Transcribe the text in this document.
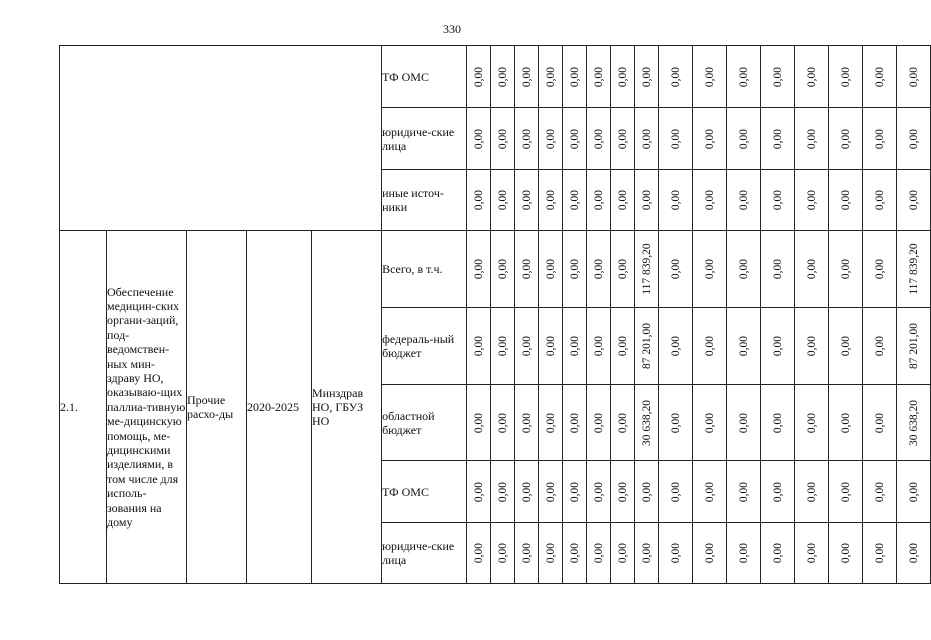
330
					ТФ ОМС	0,00	0,00	0,00	0,00	0,00	0,00	0,00	0,00	0,00	0,00	0,00	0,00	0,00	0,00	0,00	0,00

					юридиче-ские лица	0,00	0,00	0,00	0,00	0,00	0,00	0,00	0,00	0,00	0,00	0,00	0,00	0,00	0,00	0,00	0,00

					иные источ-ники	0,00	0,00	0,00	0,00	0,00	0,00	0,00	0,00	0,00	0,00	0,00	0,00	0,00	0,00	0,00	0,00

2.1.	Обеспечение медицин-ских органи-заций, под-ведомствен-ных мин-здраву НО, оказываю-щих паллиа-тивную ме-дицинскую помощь, ме-дицинскими изделиями, в том числе для исполь-зования на дому	Прочие расхо-ды	2020-2025	Минздрав НО, ГБУЗ НО	Всего, в т.ч.	0,00	0,00	0,00	0,00	0,00	0,00	0,00	117 839,20	0,00	0,00	0,00	0,00	0,00	0,00	0,00	117 839,20

					федераль-ный бюджет	0,00	0,00	0,00	0,00	0,00	0,00	0,00	87 201,00	0,00	0,00	0,00	0,00	0,00	0,00	0,00	87 201,00

					областной бюджет	0,00	0,00	0,00	0,00	0,00	0,00	0,00	30 638,20	0,00	0,00	0,00	0,00	0,00	0,00	0,00	30 638,20

					ТФ ОМС	0,00	0,00	0,00	0,00	0,00	0,00	0,00	0,00	0,00	0,00	0,00	0,00	0,00	0,00	0,00	0,00

					юридиче-ские лица	0,00	0,00	0,00	0,00	0,00	0,00	0,00	0,00	0,00	0,00	0,00	0,00	0,00	0,00	0,00	0,00
